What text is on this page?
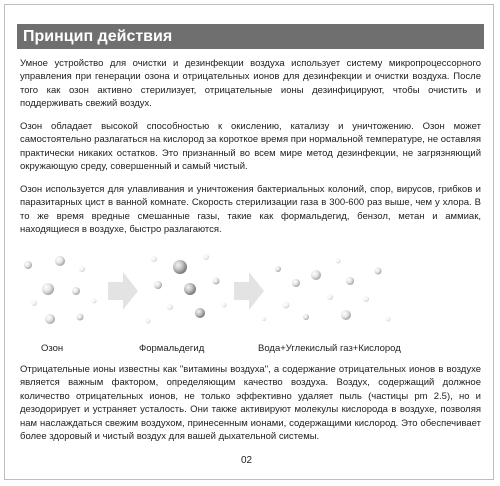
Принцип действия

Умное устройство для очистки и дезинфекции воздуха использует систему микропроцессорного управления при генерации озона и отрицательных ионов для дезинфекции и очистки воздуха. После того как озон активно стерилизует, отрицательные ионы дезинфицируют, чтобы очистить и поддерживать свежий воздух.

Озон обладает высокой способностью к окислению, катализу и уничтожению. Озон может самостоятельно разлагаться на кислород за короткое время при нормальной температуре, не оставляя практически никаких остатков. Это признанный во всем мире метод дезинфекции, не загрязняющий окружающую среду, совершенный и самый чистый.

Озон используется для улавливания и уничтожения бактериальных колоний, спор, вирусов, грибков и паразитарных цист в ванной комнате. Скорость стерилизации газа в 300-600 раз выше, чем у хлора. В то же время вредные смешанные газы, такие как формальдегид, бензол, метан и аммиак, находящиеся в воздухе, быстро разлагаются.

Озон	Формальдегид	Вода+Углекислый газ+Кислород

Отрицательные ионы известны как "витамины воздуха", а содержание отрицательных ионов в воздухе является важным фактором, определяющим качество воздуха. Воздух, содержащий должное количество отрицательных ионов, не только эффективно удаляет пыль (частицы pm 2.5), но и дезодорирует и устраняет усталость. Они также активируют молекулы кислорода в воздухе, позволяя нам наслаждаться свежим воздухом, принесенным ионами, содержащими кислород. Это обеспечивает более здоровый и чистый воздух для вашей дыхательной системы.

02
